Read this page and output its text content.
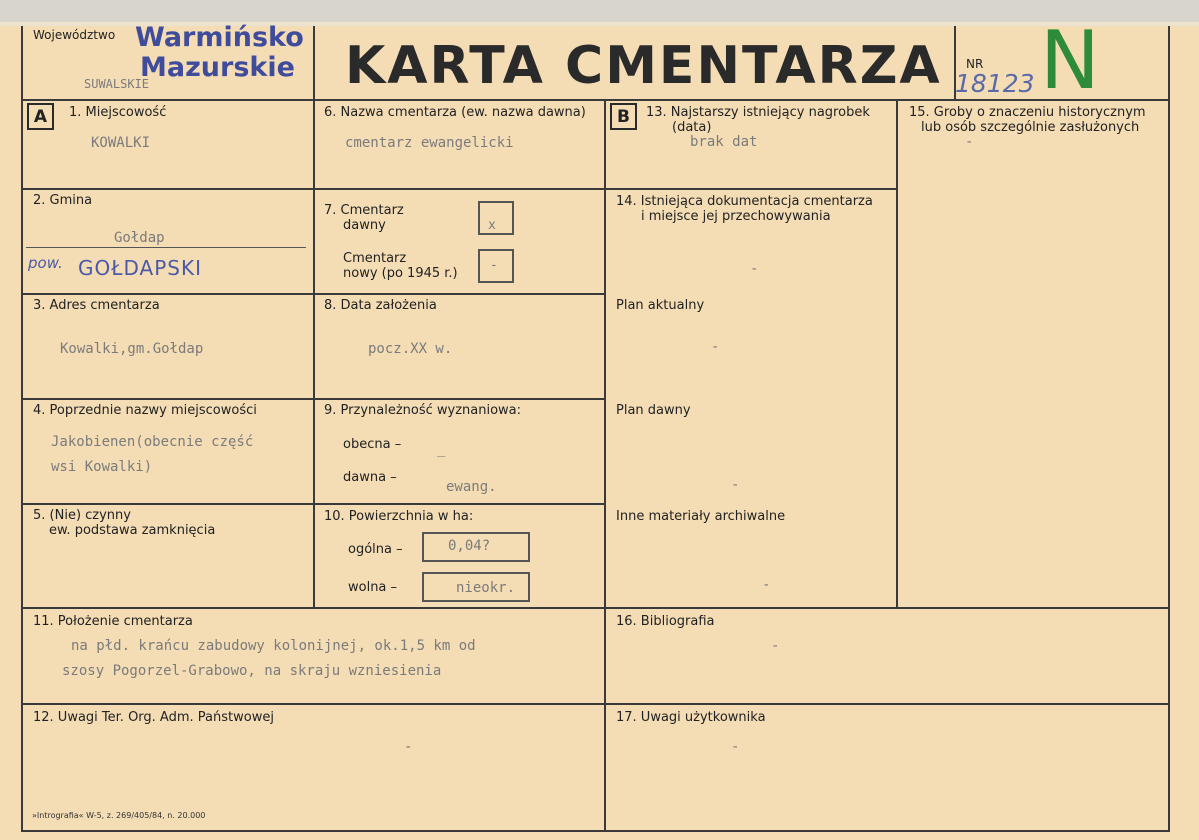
Województwo Warmińsko
Mazurskie
SUWALSKIE	KARTA CMENTARZA NR
18123 N
A	B
1. Miejscowość
KOWALKI
2. Gmina
Gołdap
pow. GOŁDAPSKI
3. Adres cmentarza
Kowalki,gm.Gołdap
4. Poprzednie nazwy miejscowości
Jakobienen(obecnie część
wsi Kowalki)
5. (Nie) czynny
ew. podstawa zamknięcia
6. Nazwa cmentarza (ew. nazwa dawna)
cmentarz ewangelicki
7. Cmentarz
dawny	x
Cmentarz
nowy (po 1945 r.)
-
8. Data założenia
pocz.XX w.
9. Przynależność wyznaniowa:
obecna –	_
dawna –
ewang.
10. Powierzchnia w ha:
ogólna –	0,04?
wolna –	nieokr.
11. Położenie cmentarza
na płd. krańcu zabudowy kolonijnej, ok.1,5 km od
szosy Pogorzel-Grabowo, na skraju wzniesienia
12. Uwagi Ter. Org. Adm. Państwowej
-
13. Najstarszy istniejący nagrobek
(data)
brak dat
14. Istniejąca dokumentacja cmentarza
i miejsce jej przechowywania
-
Plan aktualny
-
Plan dawny
-
Inne materiały archiwalne
-
15. Groby o znaczeniu historycznym
lub osób szczególnie zasłużonych
-
16. Bibliografia
-
17. Uwagi użytkownika
-
»Intrografia« W-5, z. 269/405/84, n. 20.000
